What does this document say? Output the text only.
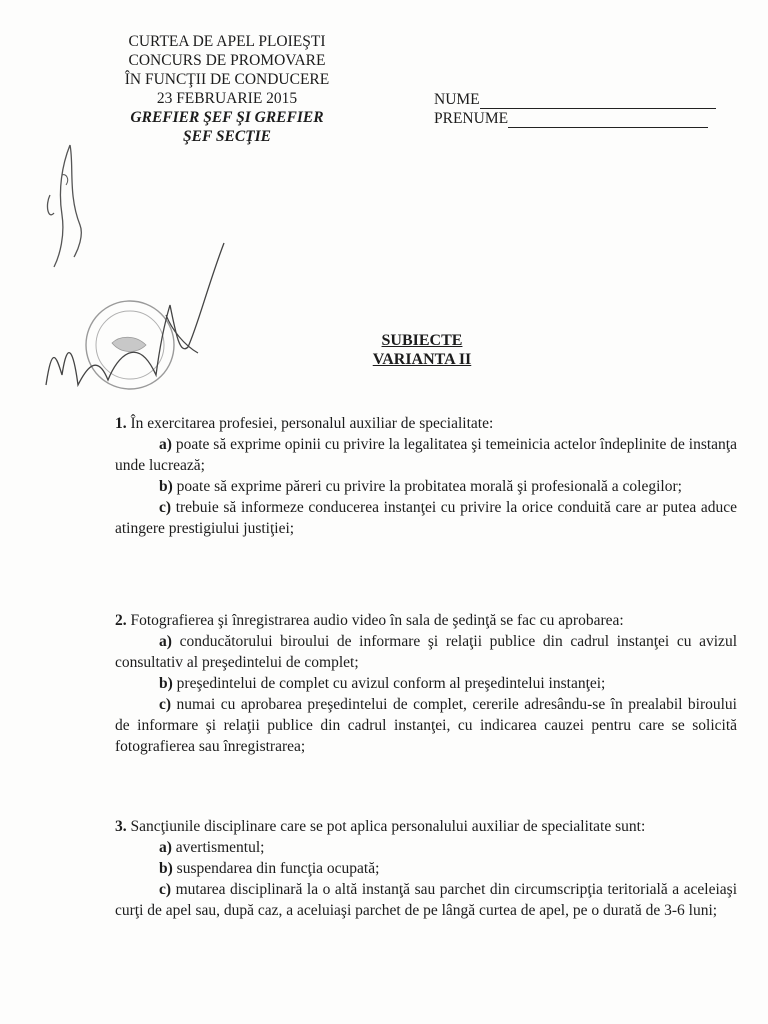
CURTEA DE APEL PLOIEŞTI
CONCURS DE PROMOVARE
ÎN FUNCŢII DE CONDUCERE
23 FEBRUARIE 2015
GREFIER ŞEF ŞI GREFIER
ŞEF SECŢIE
NUME
PRENUME
SUBIECTE
VARIANTA II
1. În exercitarea profesiei, personalul auxiliar de specialitate:
a) poate să exprime opinii cu privire la legalitatea şi temeinicia actelor îndeplinite de instanţa unde lucrează;
b) poate să exprime păreri cu privire la probitatea morală şi profesională a colegilor;
c) trebuie să informeze conducerea instanţei cu privire la orice conduită care ar putea aduce atingere prestigiului justiţiei;
2. Fotografierea şi înregistrarea audio video în sala de şedinţă se fac cu aprobarea:
a) conducătorului biroului de informare şi relaţii publice din cadrul instanţei cu avizul consultativ al preşedintelui de complet;
b) preşedintelui de complet cu avizul conform al preşedintelui instanţei;
c) numai cu aprobarea preşedintelui de complet, cererile adresându-se în prealabil biroului de informare şi relaţii publice din cadrul instanţei, cu indicarea cauzei pentru care se solicită fotografierea sau înregistrarea;
3. Sancţiunile disciplinare care se pot aplica personalului auxiliar de specialitate sunt:
a) avertismentul;
b) suspendarea din funcţia ocupată;
c) mutarea disciplinară la o altă instanţă sau parchet din circumscripţia teritorială a aceleiaşi curţi de apel sau, după caz, a aceluiaşi parchet de pe lângă curtea de apel, pe o durată de 3-6 luni;
